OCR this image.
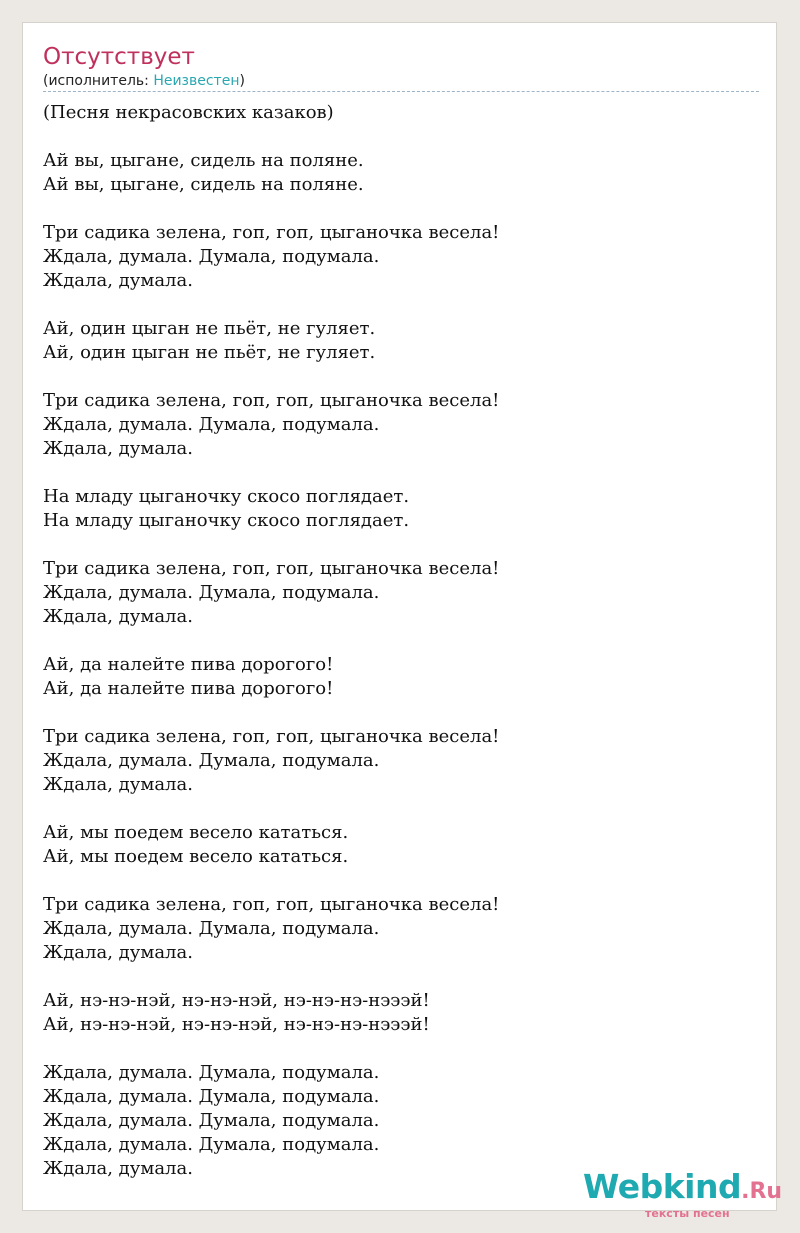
Отсутствует
(исполнитель: Неизвестен)
(Песня некрасовских казаков)
Ай вы, цыгане, сидель на поляне.
Ай вы, цыгане, сидель на поляне.
Три садика зелена, гоп, гоп, цыганочка весела!
Ждала, думала. Думала, подумала.
Ждала, думала.
Ай, один цыган не пьёт, не гуляет.
Ай, один цыган не пьёт, не гуляет.
Три садика зелена, гоп, гоп, цыганочка весела!
Ждала, думала. Думала, подумала.
Ждала, думала.
На младу цыганочку скосо поглядает.
На младу цыганочку скосо поглядает.
Три садика зелена, гоп, гоп, цыганочка весела!
Ждала, думала. Думала, подумала.
Ждала, думала.
Ай, да налейте пива дорогого!
Ай, да налейте пива дорогого!
Три садика зелена, гоп, гоп, цыганочка весела!
Ждала, думала. Думала, подумала.
Ждала, думала.
Ай, мы поедем весело кататься.
Ай, мы поедем весело кататься.
Три садика зелена, гоп, гоп, цыганочка весела!
Ждала, думала. Думала, подумала.
Ждала, думала.
Ай, нэ-нэ-нэй, нэ-нэ-нэй, нэ-нэ-нэ-нэээй!
Ай, нэ-нэ-нэй, нэ-нэ-нэй, нэ-нэ-нэ-нэээй!
Ждала, думала. Думала, подумала.
Ждала, думала. Думала, подумала.
Ждала, думала. Думала, подумала.
Ждала, думала. Думала, подумала.
Ждала, думала.	Webkind.Ru
тексты песен
